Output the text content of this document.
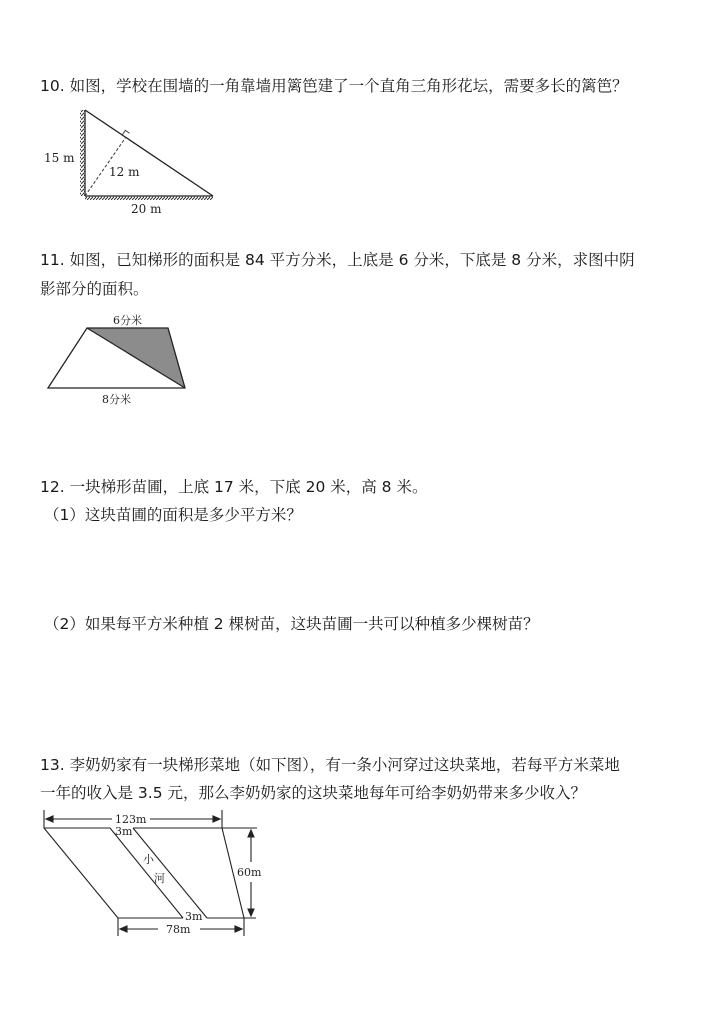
10. 如图，学校在围墙的一角靠墙用篱笆建了一个直角三角形花坛，需要多长的篱笆？
15 m
12 m
20 m
6分米
8分米
123m
3m
小
河	60m
3m
78m
11. 如图，已知梯形的面积是 84 平方分米，上底是 6 分米，下底是 8 分米，求图中阴
影部分的面积。
12. 一块梯形苗圃，上底 17 米，下底 20 米，高 8 米。
（1）这块苗圃的面积是多少平方米？
（2）如果每平方米种植 2 棵树苗，这块苗圃一共可以种植多少棵树苗？
13. 李奶奶家有一块梯形菜地（如下图），有一条小河穿过这块菜地，若每平方米菜地
一年的收入是 3.5 元，那么李奶奶家的这块菜地每年可给李奶奶带来多少收入？
